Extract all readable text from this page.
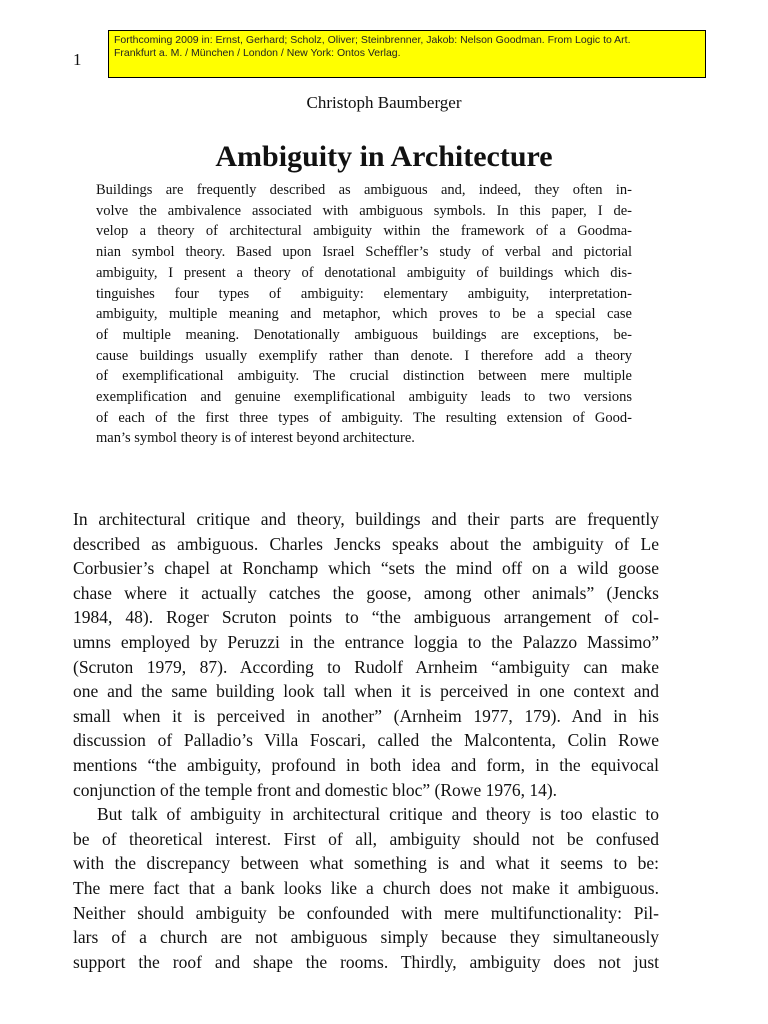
1
Forthcoming 2009 in: Ernst, Gerhard; Scholz, Oliver; Steinbrenner, Jakob: Nelson Goodman. From Logic to Art.
Frankfurt a. M. / München / London / New York: Ontos Verlag.
Christoph Baumberger
Ambiguity in Architecture
Buildings are frequently described as ambiguous and, indeed, they often in-
volve the ambivalence associated with ambiguous symbols. In this paper, I de-
velop a theory of architectural ambiguity within the framework of a Goodma-
nian symbol theory. Based upon Israel Scheffler’s study of verbal and pictorial
ambiguity, I present a theory of denotational ambiguity of buildings which dis-
tinguishes four types of ambiguity: elementary ambiguity, interpretation-
ambiguity, multiple meaning and metaphor, which proves to be a special case
of multiple meaning. Denotationally ambiguous buildings are exceptions, be-
cause buildings usually exemplify rather than denote. I therefore add a theory
of exemplificational ambiguity. The crucial distinction between mere multiple
exemplification and genuine exemplificational ambiguity leads to two versions
of each of the first three types of ambiguity. The resulting extension of Good-
man’s symbol theory is of interest beyond architecture.
In architectural critique and theory, buildings and their parts are frequently
described as ambiguous. Charles Jencks speaks about the ambiguity of Le
Corbusier’s chapel at Ronchamp which “sets the mind off on a wild goose
chase where it actually catches the goose, among other animals” (Jencks
1984, 48). Roger Scruton points to “the ambiguous arrangement of col-
umns employed by Peruzzi in the entrance loggia to the Palazzo Massimo”
(Scruton 1979, 87). According to Rudolf Arnheim “ambiguity can make
one and the same building look tall when it is perceived in one context and
small when it is perceived in another” (Arnheim 1977, 179). And in his
discussion of Palladio’s Villa Foscari, called the Malcontenta, Colin Rowe
mentions “the ambiguity, profound in both idea and form, in the equivocal
conjunction of the temple front and domestic bloc” (Rowe 1976, 14).
But talk of ambiguity in architectural critique and theory is too elastic to
be of theoretical interest. First of all, ambiguity should not be confused
with the discrepancy between what something is and what it seems to be:
The mere fact that a bank looks like a church does not make it ambiguous.
Neither should ambiguity be confounded with mere multifunctionality: Pil-
lars of a church are not ambiguous simply because they simultaneously
support the roof and shape the rooms. Thirdly, ambiguity does not just
